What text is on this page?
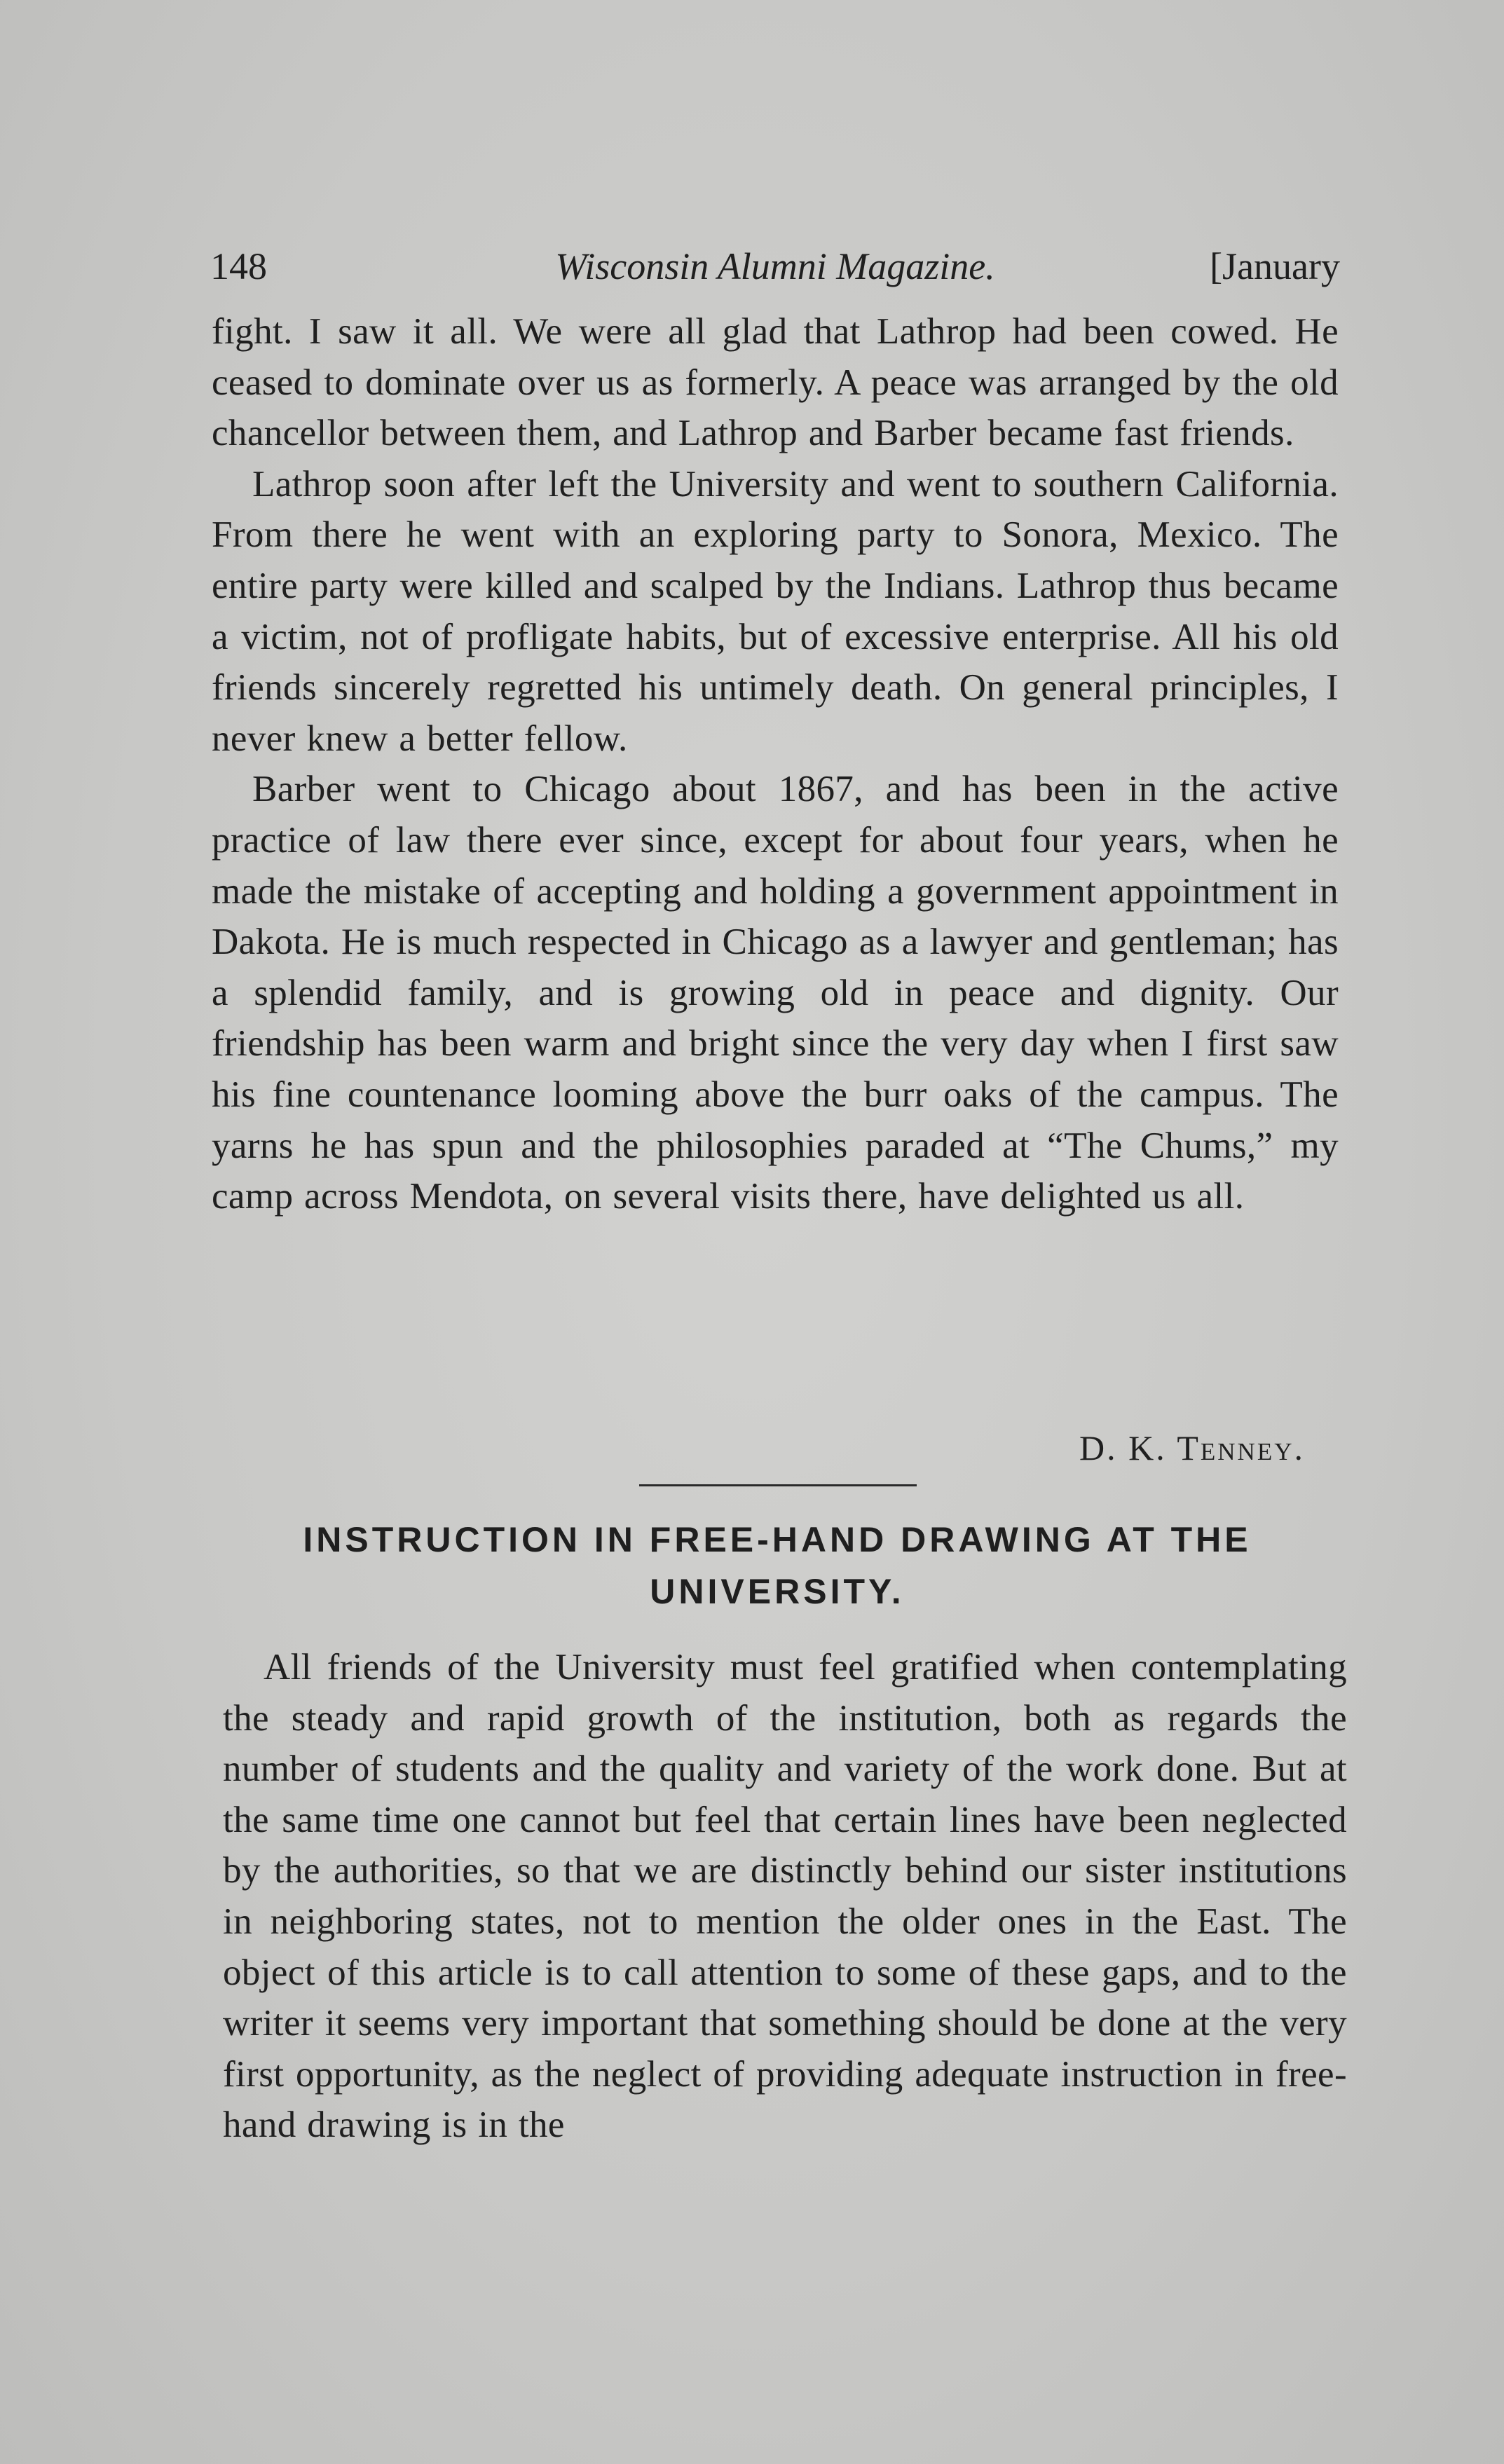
148	Wisconsin Alumni Magazine.	[January

fight. I saw it all. We were all glad that Lathrop had been cowed. He ceased to dominate over us as formerly. A peace was arranged by the old chancellor between them, and Lathrop and Barber became fast friends.

Lathrop soon after left the University and went to southern California. From there he went with an exploring party to Sonora, Mexico. The entire party were killed and scalped by the Indians. Lathrop thus became a victim, not of profligate habits, but of excessive enterprise. All his old friends sincerely regretted his untimely death. On general principles, I never knew a better fellow.

Barber went to Chicago about 1867, and has been in the active practice of law there ever since, except for about four years, when he made the mistake of accepting and holding a government appointment in Dakota. He is much respected in Chicago as a lawyer and gentleman; has a splendid family, and is growing old in peace and dignity. Our friendship has been warm and bright since the very day when I first saw his fine countenance looming above the burr oaks of the campus. The yarns he has spun and the philosophies paraded at “The Chums,” my camp across Mendota, on several visits there, have delighted us all.

D. K. Tenney.
INSTRUCTION IN FREE-HAND DRAWING AT THE
UNIVERSITY.

All friends of the University must feel gratified when contemplating the steady and rapid growth of the institution, both as regards the number of students and the quality and variety of the work done. But at the same time one cannot but feel that certain lines have been neglected by the authorities, so that we are distinctly behind our sister institutions in neighboring states, not to mention the older ones in the East. The object of this article is to call attention to some of these gaps, and to the writer it seems very important that something should be done at the very first opportunity, as the neglect of providing adequate instruction in free-hand drawing is in the
